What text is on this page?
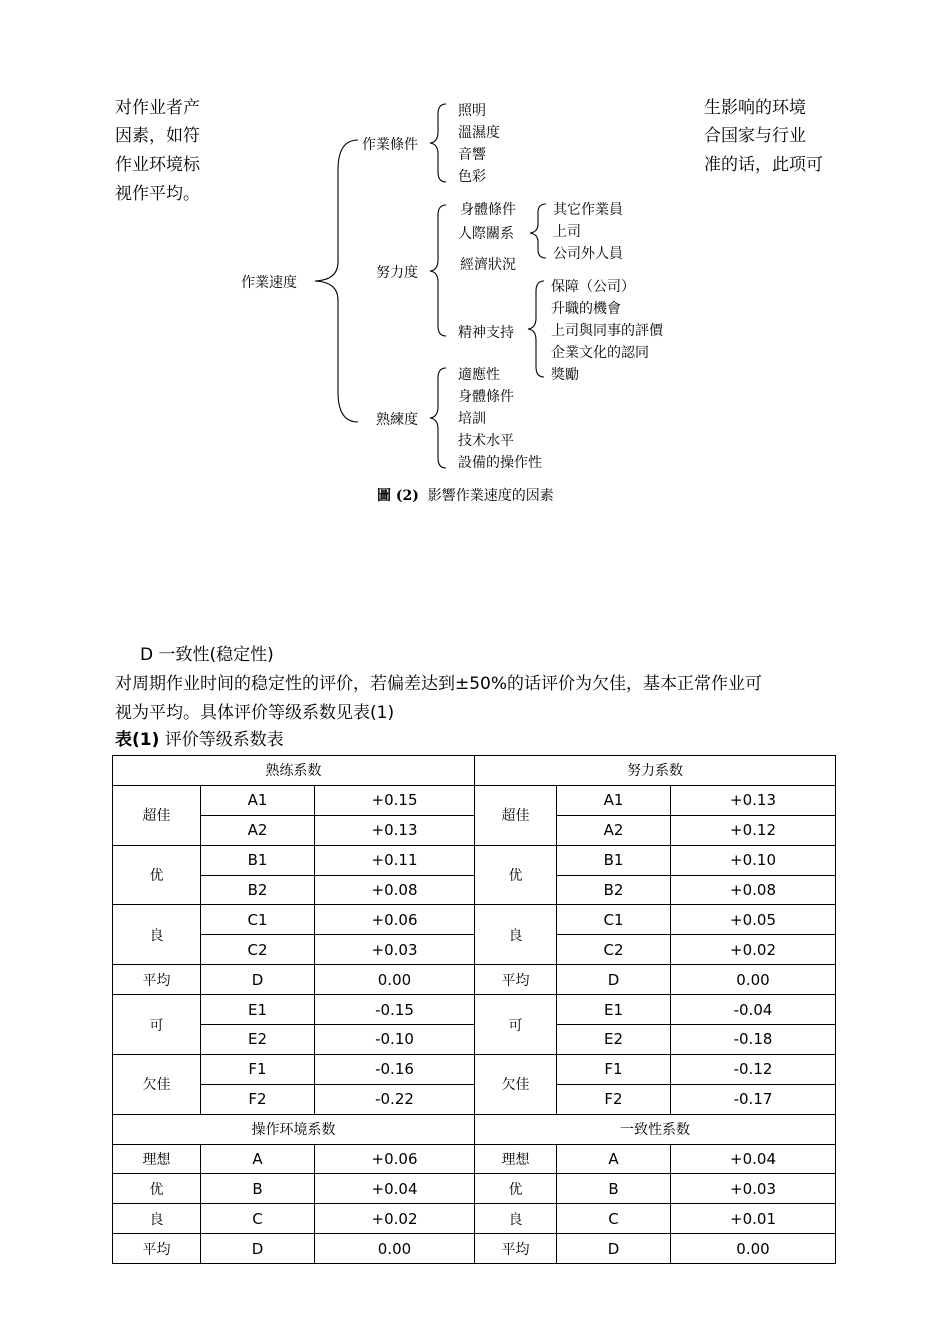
对作业者产
因素，如符
作业环境标
视作平均。
生影响的环境
合国家与行业
准的话，此项可
作業速度
作業條件
照明
溫濕度
音響
色彩
努力度
身體條件
人際關系
經濟狀況
精神支持
其它作業員
上司
公司外人員
保障（公司）
升職的機會
上司與同事的評價
企業文化的認同
獎勵
熟練度
適應性
身體條件
培訓
技术水平
設備的操作性
圖 (2) 影響作業速度的因素
D 一致性(稳定性)
对周期作业时间的稳定性的评价，若偏差达到±50%的话评价为欠佳，基本正常作业可
视为平均。具体评价等级系数见表(1)
表(1) 评价等级系数表
熟练系数			努力系数		
超佳	A1	+0.15	超佳	A1	+0.13
	A2	+0.13		A2	+0.12
优	B1	+0.11	优	B1	+0.10
	B2	+0.08		B2	+0.08
良	C1	+0.06	良	C1	+0.05
	C2	+0.03		C2	+0.02
平均	D	0.00	平均	D	0.00
可	E1	-0.15	可	E1	-0.04
	E2	-0.10		E2	-0.18
欠佳	F1	-0.16	欠佳	F1	-0.12
	F2	-0.22		F2	-0.17
操作环境系数			一致性系数		
理想	A	+0.06	理想	A	+0.04
优	B	+0.04	优	B	+0.03
良	C	+0.02	良	C	+0.01
平均	D	0.00	平均	D	0.00
